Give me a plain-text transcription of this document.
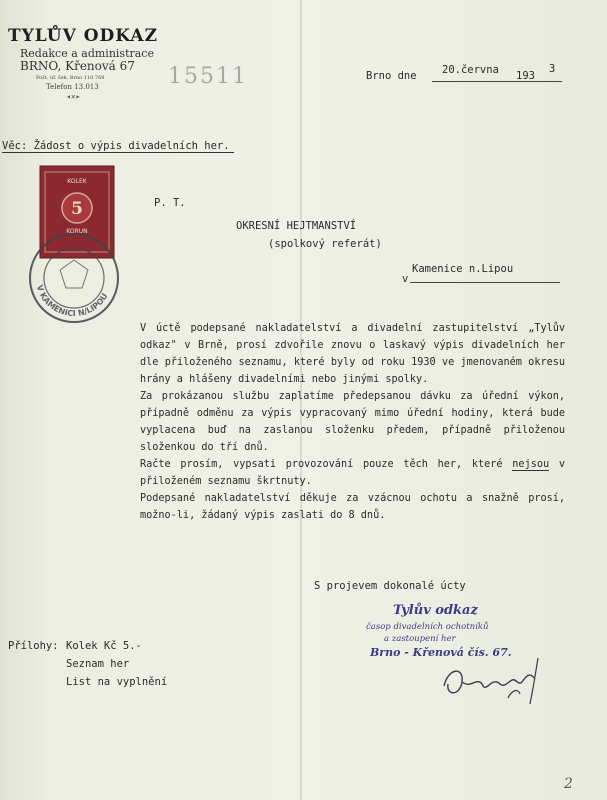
TYLŮV ODKAZ
Redakce a administrace
BRNO, Křenová 67
Pošt. úř. šek. Brno 110.769
Telefon 13.013
◂✕▸
15511	Brno dne 20.června 193
3
Věc: Žádost o výpis divadelních her.
5
KOLEK
KORUN
V KAMENICI N/LIPOU
P. T.
OKRESNÍ HEJTMANSTVÍ
(spolkový referát)
Kamenice n.Lipou
v

V úctě podepsané nakladatelství a divadelní zastupitelství „Tylův odkaz" v Brně, prosí zdvořile znovu o laskavý výpis divadelních her dle přiloženého seznamu, které byly od roku 1930 ve jmenovaném okresu hrány a hlášeny divadelními nebo jinými spolky.

Za prokázanou službu zaplatíme předepsanou dávku za úřední výkon, případně odměnu za výpis vypracovaný mimo úřední hodiny, která bude vyplacena buď na zaslanou složenku předem, případně přiloženou složenkou do tří dnů.

Račte prosím, vypsati provozování pouze těch her, které nejsou v přiloženém seznamu škrtnuty.

Podepsané nakladatelství děkuje za vzácnou ochotu a snažně prosí, možno-li, žádaný výpis zaslati do 8 dnů.

S projevem dokonalé úcty
Tylův odkaz
časop divadelních ochotníků
a zastoupení her
Brno - Křenová čís. 67.
Přílohy: Kolek Kč 5.-
Seznam her
List na vyplnění
2
